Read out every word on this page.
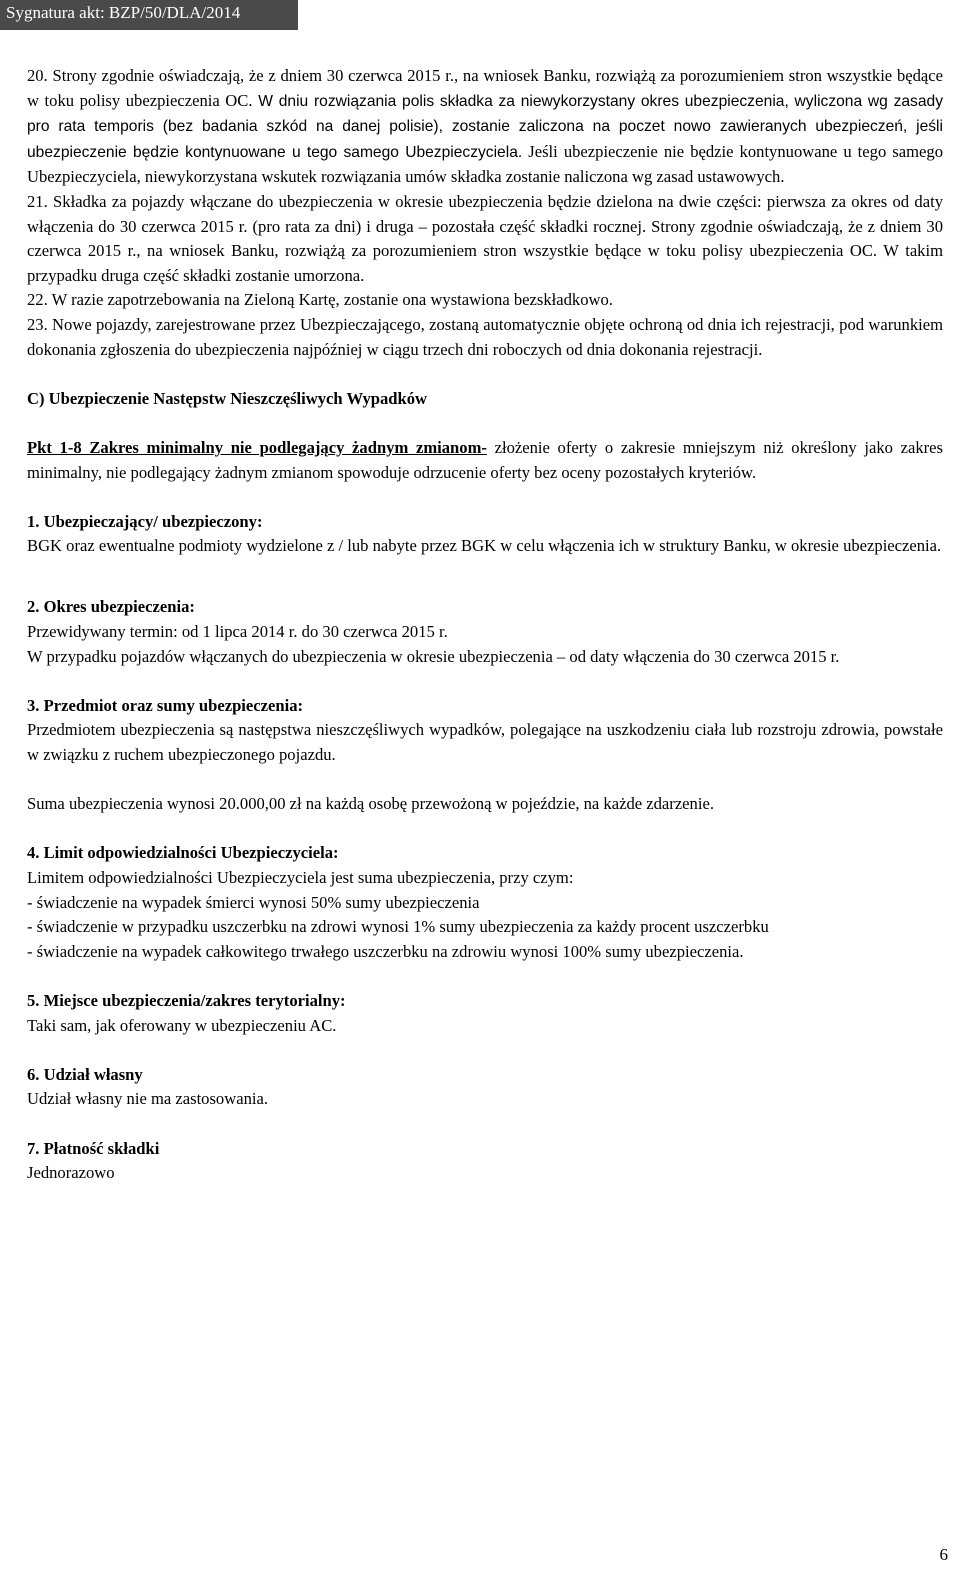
Sygnatura akt: BZP/50/DLA/2014

20. Strony zgodnie oświadczają, że z dniem 30 czerwca 2015 r., na wniosek Banku, rozwiążą za porozumieniem stron wszystkie będące w toku polisy ubezpieczenia OC. W dniu rozwiązania polis składka za niewykorzystany okres ubezpieczenia, wyliczona wg zasady pro rata temporis (bez badania szkód na danej polisie), zostanie zaliczona na poczet nowo zawieranych ubezpieczeń, jeśli ubezpieczenie będzie kontynuowane u tego samego Ubezpieczyciela. Jeśli ubezpieczenie nie będzie kontynuowane u tego samego Ubezpieczyciela, niewykorzystana wskutek rozwiązania umów składka zostanie naliczona wg zasad ustawowych.

21. Składka za pojazdy włączane do ubezpieczenia w okresie ubezpieczenia będzie dzielona na dwie części: pierwsza za okres od daty włączenia do 30 czerwca 2015 r. (pro rata za dni) i druga – pozostała część składki rocznej. Strony zgodnie oświadczają, że z dniem 30 czerwca 2015 r., na wniosek Banku, rozwiążą za porozumieniem stron wszystkie będące w toku polisy ubezpieczenia OC. W takim przypadku druga część składki zostanie umorzona.

22. W razie zapotrzebowania na Zieloną Kartę, zostanie ona wystawiona bezskładkowo.

23. Nowe pojazdy, zarejestrowane przez Ubezpieczającego, zostaną automatycznie objęte ochroną od dnia ich rejestracji, pod warunkiem dokonania zgłoszenia do ubezpieczenia najpóźniej w ciągu trzech dni roboczych od dnia dokonania rejestracji.

C) Ubezpieczenie Następstw Nieszczęśliwych Wypadków

Pkt 1-8 Zakres minimalny nie podlegający żadnym zmianom- złożenie oferty o zakresie mniejszym niż określony jako zakres minimalny, nie podlegający żadnym zmianom spowoduje odrzucenie oferty bez oceny pozostałych kryteriów.

1. Ubezpieczający/ ubezpieczony:

BGK oraz ewentualne podmioty wydzielone z / lub nabyte przez BGK w celu włączenia ich w struktury Banku, w okresie ubezpieczenia.

2. Okres ubezpieczenia:

Przewidywany termin: od 1 lipca 2014 r. do 30 czerwca 2015 r.

W przypadku pojazdów włączanych do ubezpieczenia w okresie ubezpieczenia – od daty włączenia do 30 czerwca 2015 r.

3. Przedmiot oraz sumy ubezpieczenia:

Przedmiotem ubezpieczenia są następstwa nieszczęśliwych wypadków, polegające na uszkodzeniu ciała lub rozstroju zdrowia, powstałe w związku z ruchem ubezpieczonego pojazdu.

Suma ubezpieczenia wynosi 20.000,00 zł na każdą osobę przewożoną w pojeździe, na każde zdarzenie.

4. Limit odpowiedzialności Ubezpieczyciela:

Limitem odpowiedzialności Ubezpieczyciela jest suma ubezpieczenia, przy czym:

- świadczenie na wypadek śmierci wynosi 50% sumy ubezpieczenia

- świadczenie w przypadku uszczerbku na zdrowi wynosi 1% sumy ubezpieczenia za każdy procent uszczerbku

- świadczenie na wypadek całkowitego trwałego uszczerbku na zdrowiu wynosi 100% sumy ubezpieczenia.

5. Miejsce ubezpieczenia/zakres terytorialny:

Taki sam, jak oferowany w ubezpieczeniu AC.

6. Udział własny

Udział własny nie ma zastosowania.

7. Płatność składki

Jednorazowo

6
